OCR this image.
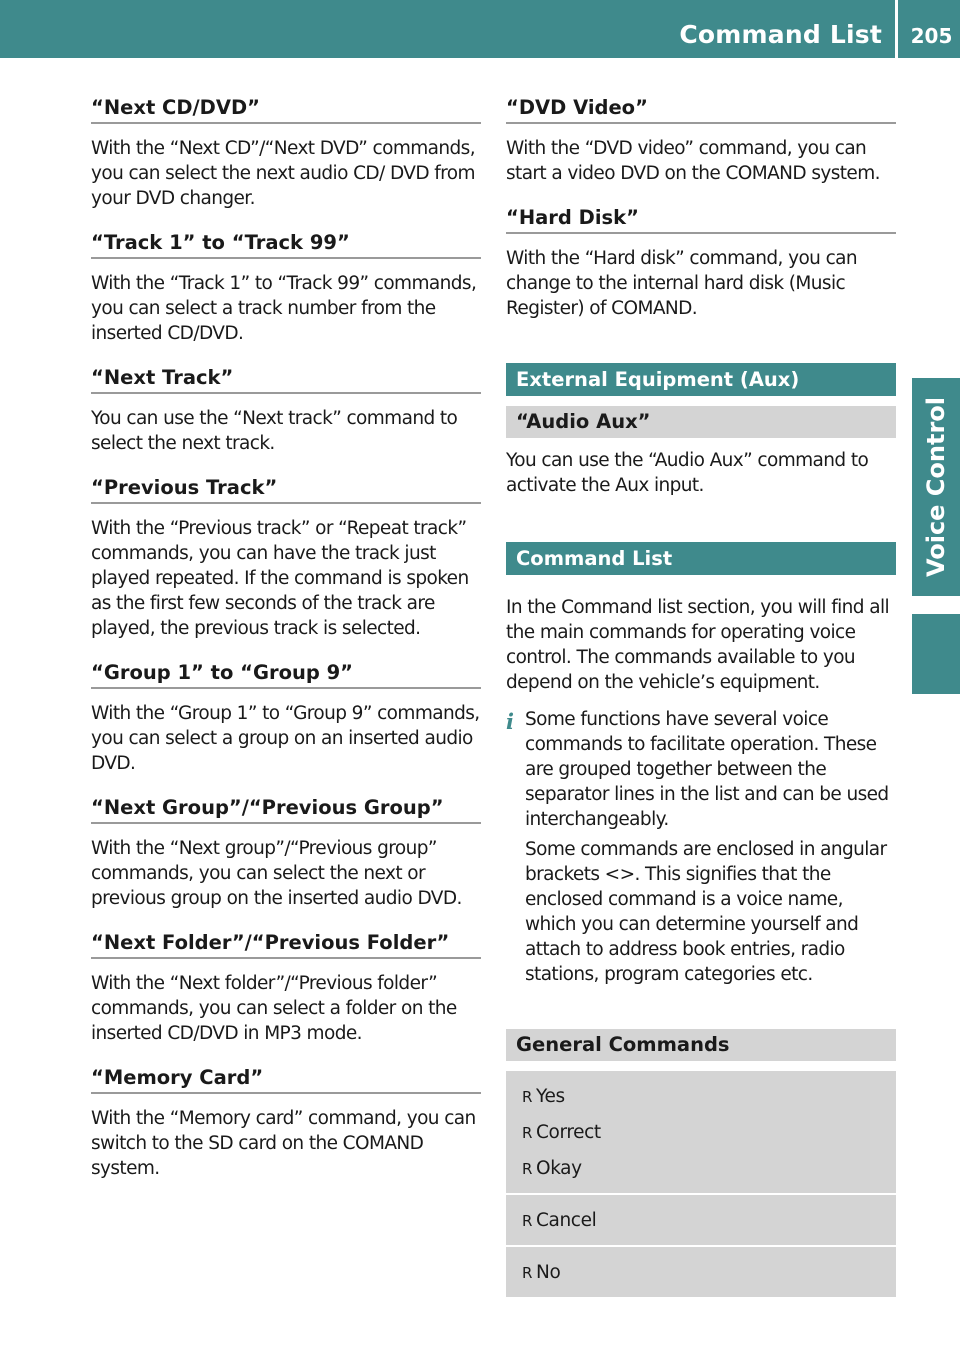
Command List	205
Voice Control
“Next CD/DVD”
With the “Next CD”/“Next DVD” commands, you can select the next audio CD/ DVD from your DVD changer.
“Track 1” to “Track 99”
With the “Track 1” to “Track 99” commands, you can select a track number from the inserted CD/DVD.
“Next Track”
You can use the “Next track” command to select the next track.
“Previous Track”
With the “Previous track” or “Repeat track” commands, you can have the track just played repeated. If the command is spoken as the first few seconds of the track are played, the previous track is selected.
“Group 1” to “Group 9”
With the “Group 1” to “Group 9” commands, you can select a group on an inserted audio DVD.
“Next Group”/“Previous Group”
With the “Next group”/“Previous group” commands, you can select the next or previous group on the inserted audio DVD.
“Next Folder”/“Previous Folder”
With the “Next folder”/“Previous folder” commands, you can select a folder on the inserted CD/DVD in MP3 mode.
“Memory Card”
With the “Memory card” command, you can switch to the SD card on the COMAND system.
“DVD Video”
With the “DVD video” command, you can start a video DVD on the COMAND system.
“Hard Disk”
With the “Hard disk” command, you can change to the internal hard disk (Music Register) of COMAND.
External Equipment (Aux)
“Audio Aux”
You can use the “Audio Aux” command to activate the Aux input.
Command List
In the Command list section, you will find all the main commands for operating voice control. The commands available to you depend on the vehicle’s equipment.
i Some functions have several voice commands to facilitate operation. These are grouped together between the separator lines in the list and can be used interchangeably.
Some commands are enclosed in angular brackets <>. This signifies that the enclosed command is a voice name, which you can determine yourself and attach to address book entries, radio stations, program categories etc.
General Commands
R Yes
R Correct
R Okay
R Cancel
R No
